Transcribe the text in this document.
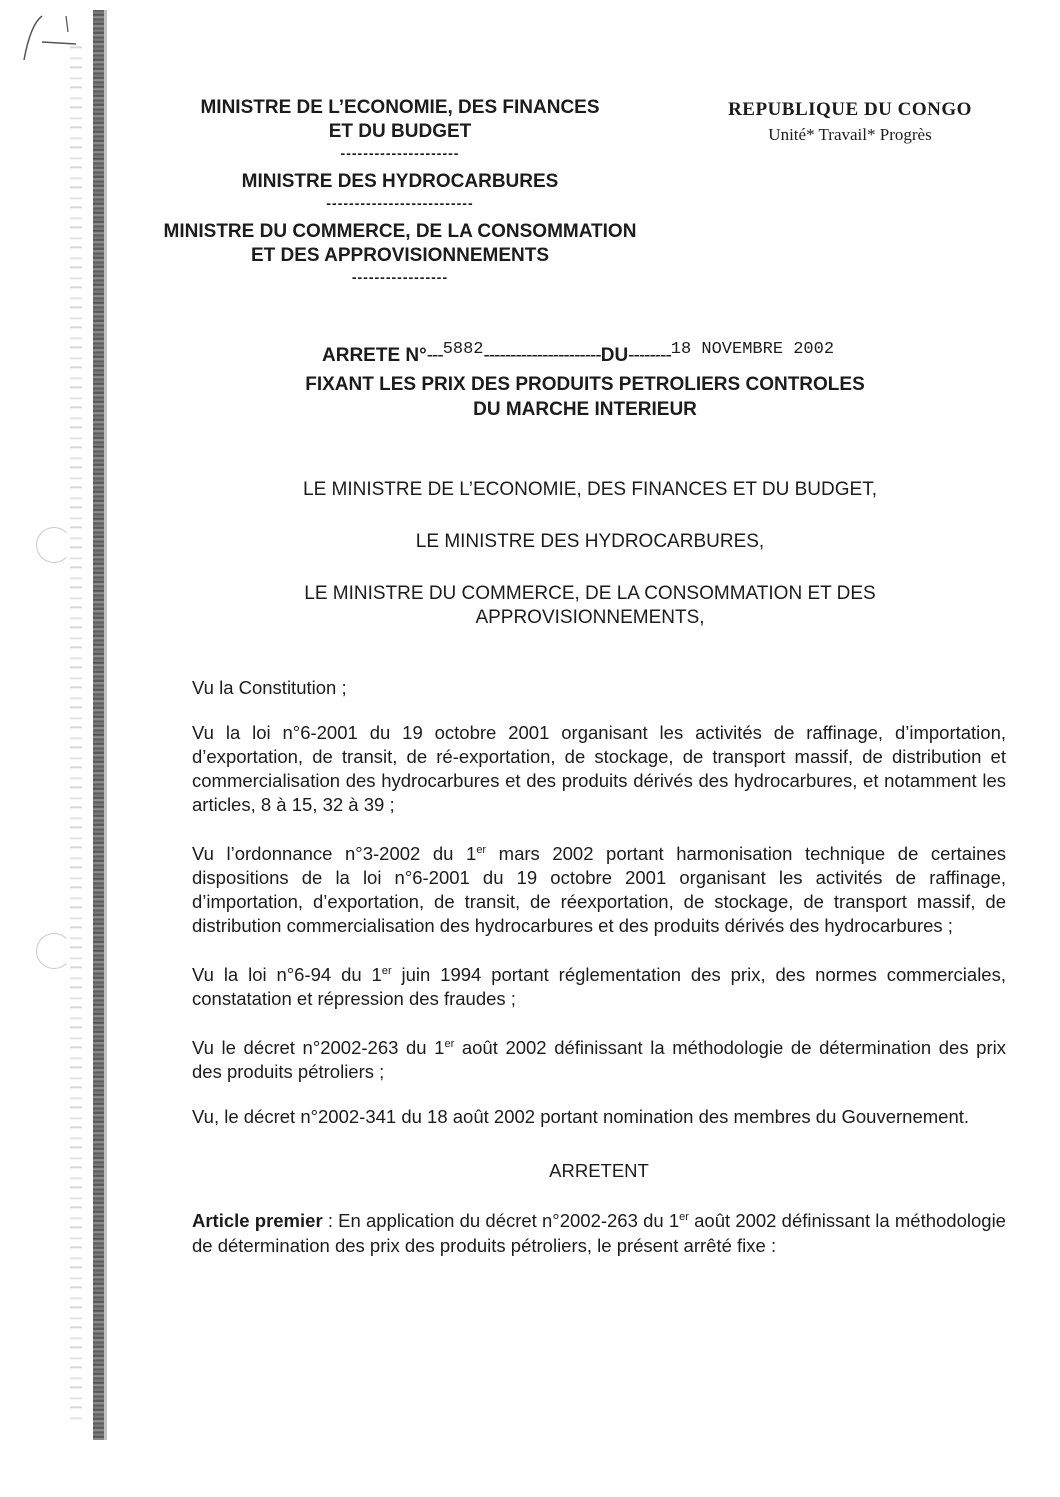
MINISTRE DE L’ECONOMIE, DES FINANCES

ET DU BUDGET

---------------------

MINISTRE DES HYDROCARBURES

--------------------------

MINISTRE DU COMMERCE, DE LA CONSOMMATION

ET DES APPROVISIONNEMENTS

-----------------

REPUBLIQUE DU CONGO
Unité* Travail* Progrès
ARRETE N°---5882----------------------DU--------18 NOVEMBRE 2002
FIXANT LES PRIX DES PRODUITS PETROLIERS CONTROLES
DU MARCHE INTERIEUR

LE MINISTRE DE L’ECONOMIE, DES FINANCES ET DU BUDGET,

LE MINISTRE DES HYDROCARBURES,

LE MINISTRE DU COMMERCE, DE LA CONSOMMATION ET DES
APPROVISIONNEMENTS,

Vu la Constitution ;

Vu la loi n°6-2001 du 19 octobre 2001 organisant les activités de raffinage, d’importation, d’exportation, de transit, de ré-exportation, de stockage, de transport massif, de distribution et commercialisation des hydrocarbures et des produits dérivés des hydrocarbures, et notamment les articles, 8 à 15, 32 à 39 ;

Vu l’ordonnance n°3-2002 du 1er mars 2002 portant harmonisation technique de certaines dispositions de la loi n°6-2001 du 19 octobre 2001 organisant les activités de raffinage, d’importation, d’exportation, de transit, de réexportation, de stockage, de transport massif, de distribution commercialisation des hydrocarbures et des produits dérivés des hydrocarbures ;

Vu la loi n°6-94 du 1er juin 1994 portant réglementation des prix, des normes commerciales, constatation et répression des fraudes ;

Vu le décret n°2002-263 du 1er août 2002 définissant la méthodologie de détermination des prix des produits pétroliers ;

Vu, le décret n°2002-341 du 18 août 2002 portant nomination des membres du Gouvernement.

ARRETENT

Article premier : En application du décret n°2002-263 du 1er août 2002 définissant la méthodologie de détermination des prix des produits pétroliers, le présent arrêté fixe :
